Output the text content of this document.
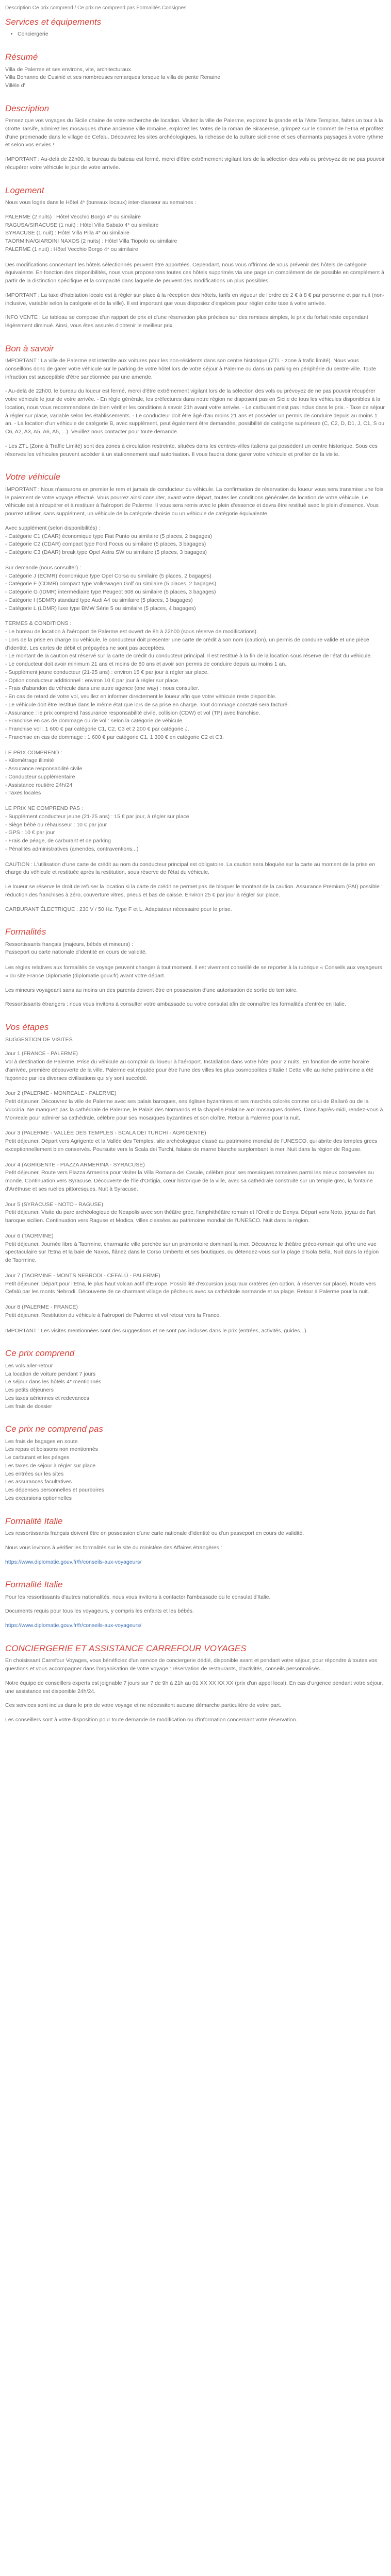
Description Ce prix comprend / Ce prix ne comprend pas Formalités Consignes
Services et équipements
• Conciergerie
Résumé
Villa de Palerme et ses environs, vite, architecturaux.
Villa Bonanno de Cusinié et ses nombreuses remarques lorsque la villa de pente Renaine
Villéle d'
Description

Pensez que vos voyages du Sicile chaine de votre recherche de location. Visitez la ville de Palerme, explorez la grande et la l'Arte Templas, faites un tour à la Grotte Tarsife, admirez les mosaïques d'une ancienne ville romaine, explorez les Votes de la roman de Siracerese, grimpez sur le sommet de l'Etna et profitez d'une promenade dans le village de Cefalu. Découvrez les sites archéologiques, la richesse de la culture sicilienne et ses charmants paysages à votre rythme et selon vos envies !

IMPORTANT : Au-delà de 22h00, le bureau du bateau est fermé, merci d'être extrêmement vigilant lors de la sélection des vols ou prévoyez de ne pas pouvoir récupérer votre véhicule le jour de votre arrivée.

Logement

Nous vous logés dans le Hôtel 4* (bureaux locaux) inter-classeur au semaines :

PALERME (2 nuits) : Hôtel Vecchio Borgo 4* ou similaire
RAGUSA/SIRACUSE (1 nuit) : Hôtel Villa Sabato 4* ou similaire
SYRACUSE (1 nuit) : Hôtel Villa Pilla 4* ou similaire
TAORMINA/GIARDINI NAXOS (2 nuits) : Hôtel Villa Tiopolo ou similaire
PALERME (1 nuit) : Hôtel Vecchio Borgo 4* ou similaire

Des modifications concernant les hôtels sélectionnés peuvent être apportées. Cependant, nous vous offrirons de vous prévenir des hôtels de catégorie équivalente. En fonction des disponibilités, nous vous proposerons toutes ces hôtels supprimés via une page un complément de de possible en complément à partir de la distinction spécifique et la compacité dans laquelle de peuvent des modifications un plus possibles.

IMPORTANT : La taxe d'habitation locale est à régler sur place à la réception des hôtels, tarifs en vigueur de l'ordre de 2 € à 8 € par personne et par nuit (non-inclusive, variable selon la catégorie et de la ville). Il est important que vous disposiez d'espèces pour régler cette taxe à votre arrivée.

INFO VENTE : Le tableau se compose d'un rapport de prix et d'une réservation plus précises sur des remises simples, le prix du forfait reste cependant légèrement diminué. Ainsi, vous êtes assurés d'obtenir le meilleur prix.

Bon à savoir

IMPORTANT : La ville de Palerme est interdite aux voitures pour les non-résidents dans son centre historique (ZTL - zone à trafic limité). Nous vous conseillons donc de garer votre véhicule sur le parking de votre hôtel lors de votre séjour à Palerme ou dans un parking en périphérie du centre-ville. Toute infraction est susceptible d'être sanctionnée par une amende.

- Au-delà de 22h00, le bureau du loueur est fermé, merci d'être extrêmement vigilant lors de la sélection des vols ou prévoyez de ne pas pouvoir récupérer votre véhicule le jour de votre arrivée. - En règle générale, les préfectures dans notre région ne disposent pas en Sicile de tous les véhicules disponibles à la location, nous vous recommandons de bien vérifier les conditions à savoir 21h avant votre arrivée. - Le carburant n'est pas inclus dans le prix. - Taxe de séjour à régler sur place, variable selon les établissements. - Le conducteur doit être âgé d'au moins 21 ans et posséder un permis de conduire depuis au moins 1 an. - La location d'un véhicule de catégorie B, avec supplément, peut également être demandée, possibilité de catégorie supérieure (C, C2, D, D1, J, C1, S ou C6, A2, A3, A5, A6, A5, ...). Veuillez nous contacter pour toute demande.

- Les ZTL (Zone à Traffic Limité) sont des zones à circulation restreinte, situées dans les centres-villes italiens qui possèdent un centre historique. Sous ces réserves les véhicules peuvent accéder à un stationnement sauf autorisation. Il vous faudra donc garer votre véhicule et profiter de la visite.

Votre véhicule

IMPORTANT : Nous n'assurons en premier le rem et jamais de conducteur du véhicule. La confirmation de réservation du loueur vous sera transmise une fois le paiement de votre voyage effectué. Vous pourrez ainsi consulter, avant votre départ, toutes les conditions générales de location de votre véhicule. Le véhicule est à récupérer et à restituer à l'aéroport de Palerme. Il vous sera remis avec le plein d'essence et devra être restitué avec le plein d'essence. Vous pourrez utiliser, sans supplément, un véhicule de la catégorie choisie ou un véhicule de catégorie équivalente.

Avec supplément (selon disponibilités) :
- Catégorie C1 (CAAR) économique type Fiat Punto ou similaire (5 places, 2 bagages)
- Catégorie C2 (CDAR) compact type Ford Focus ou similaire (5 places, 3 bagages)
- Catégorie C3 (DAAR) break type Opel Astra SW ou similaire (5 places, 3 bagages)
Sur demande (nous consulter) :
- Catégorie J (ECMR) économique type Opel Corsa ou similaire (5 places, 2 bagages)
- Catégorie F (CDMR) compact type Volkswagen Golf ou similaire (5 places, 2 bagages)
- Catégorie G (IDMR) intermédiaire type Peugeot 508 ou similaire (5 places, 3 bagages)
- Catégorie I (SDMR) standard type Audi A4 ou similaire (5 places, 3 bagages)
- Catégorie L (LDMR) luxe type BMW Série 5 ou similaire (5 places, 4 bagages)
TERMES & CONDITIONS :
- Le bureau de location à l'aéroport de Palerme est ouvert de 8h à 22h00 (sous réserve de modifications).
- Lors de la prise en charge du véhicule, le conducteur doit présenter une carte de crédit à son nom (caution), un permis de conduire valide et une pièce d'identité. Les cartes de débit et prépayées ne sont pas acceptées.
- Le montant de la caution est réservé sur la carte de crédit du conducteur principal. Il est restitué à la fin de la location sous réserve de l'état du véhicule.
- Le conducteur doit avoir minimum 21 ans et moins de 80 ans et avoir son permis de conduire depuis au moins 1 an.
- Supplément jeune conducteur (21-25 ans) : environ 15 € par jour à régler sur place.
- Option conducteur additionnel : environ 10 € par jour à régler sur place.
- Frais d'abandon du véhicule dans une autre agence (one way) : nous consulter.
- En cas de retard de votre vol, veuillez en informer directement le loueur afin que votre véhicule reste disponible.
- Le véhicule doit être restitué dans le même état que lors de sa prise en charge. Tout dommage constaté sera facturé.
- Assurance : le prix comprend l'assurance responsabilité civile, collision (CDW) et vol (TP) avec franchise.
- Franchise en cas de dommage ou de vol : selon la catégorie de véhicule.
- Franchise vol : 1 600 € par catégorie C1, C2, C3 et 2 200 € par catégorie J.
- Franchise en cas de dommage : 1 600 € par catégorie C1, 1 300 € en catégorie C2 et C3.
LE PRIX COMPREND :
- Kilométrage illimité
- Assurance responsabilité civile
- Conducteur supplémentaire
- Assistance routière 24h/24
- Taxes locales
LE PRIX NE COMPREND PAS :
- Supplément conducteur jeune (21-25 ans) : 15 € par jour, à régler sur place
- Siège bébé ou réhausseur : 10 € par jour
- GPS : 10 € par jour
- Frais de péage, de carburant et de parking
- Pénalités administratives (amendes, contraventions...)

CAUTION : L'utilisation d'une carte de crédit au nom du conducteur principal est obligatoire. La caution sera bloquée sur la carte au moment de la prise en charge du véhicule et restituée après la restitution, sous réserve de l'état du véhicule.

Le loueur se réserve le droit de refuser la location si la carte de crédit ne permet pas de bloquer le montant de la caution. Assurance Premium (PAI) possible : réduction des franchises à zéro, couverture vitres, pneus et bas de caisse. Environ 25 € par jour à régler sur place.

CARBURANT ÉLECTRIQUE : 230 V / 50 Hz. Type F et L. Adaptateur nécessaire pour le prise.

Formalités
Ressortissants français (majeurs, bébés et mineurs) :
Passeport ou carte nationale d'identité en cours de validité.

Les règles relatives aux formalités de voyage peuvent changer à tout moment. Il est vivement conseillé de se reporter à la rubrique « Conseils aux voyageurs » du site France Diplomatie (diplomatie.gouv.fr) avant votre départ.

Les mineurs voyageant sans au moins un des parents doivent être en possession d'une autorisation de sortie de territoire.

Ressortissants étrangers : nous vous invitons à consulter votre ambassade ou votre consulat afin de connaître les formalités d'entrée en Italie.

Vos étapes

SUGGESTION DE VISITES

Jour 1 (FRANCE - PALERME)
Vol à destination de Palerme. Prise du véhicule au comptoir du loueur à l'aéroport. Installation dans votre hôtel pour 2 nuits. En fonction de votre horaire d'arrivée, première découverte de la ville. Palerme est réputée pour être l'une des villes les plus cosmopolites d'Italie ! Cette ville au riche patrimoine a été façonnée par les diverses civilisations qui s'y sont succédé.
Jour 2 (PALERME - MONREALE - PALERME)
Petit déjeuner. Découvrez la ville de Palerme avec ses palais baroques, ses églises byzantines et ses marchés colorés comme celui de Ballarò ou de la Vucciria. Ne manquez pas la cathédrale de Palerme, le Palais des Normands et la chapelle Palatine aux mosaïques dorées. Dans l'après-midi, rendez-vous à Monreale pour admirer sa cathédrale, célèbre pour ses mosaïques byzantines et son cloître. Retour à Palerme pour la nuit.
Jour 3 (PALERME - VALLÉE DES TEMPLES - SCALA DEI TURCHI - AGRIGENTE)
Petit déjeuner. Départ vers Agrigente et la Vallée des Temples, site archéologique classé au patrimoine mondial de l'UNESCO, qui abrite des temples grecs exceptionnellement bien conservés. Poursuite vers la Scala dei Turchi, falaise de marne blanche surplombant la mer. Nuit dans la région de Raguse.
Jour 4 (AGRIGENTE - PIAZZA ARMERINA - SYRACUSE)
Petit déjeuner. Route vers Piazza Armerina pour visiter la Villa Romana del Casale, célèbre pour ses mosaïques romaines parmi les mieux conservées au monde. Continuation vers Syracuse. Découverte de l'île d'Ortigia, cœur historique de la ville, avec sa cathédrale construite sur un temple grec, la fontaine d'Aréthuse et ses ruelles pittoresques. Nuit à Syracuse.
Jour 5 (SYRACUSE - NOTO - RAGUSE)
Petit déjeuner. Visite du parc archéologique de Neapolis avec son théâtre grec, l'amphithéâtre romain et l'Oreille de Denys. Départ vers Noto, joyau de l'art baroque sicilien. Continuation vers Raguse et Modica, villes classées au patrimoine mondial de l'UNESCO. Nuit dans la région.
Jour 6 (TAORMINE)
Petit déjeuner. Journée libre à Taormine, charmante ville perchée sur un promontoire dominant la mer. Découvrez le théâtre gréco-romain qui offre une vue spectaculaire sur l'Etna et la baie de Naxos, flânez dans le Corso Umberto et ses boutiques, ou détendez-vous sur la plage d'Isola Bella. Nuit dans la région de Taormine.
Jour 7 (TAORMINE - MONTS NEBRODI - CEFALÙ - PALERME)
Petit déjeuner. Départ pour l'Etna, le plus haut volcan actif d'Europe. Possibilité d'excursion jusqu'aux cratères (en option, à réserver sur place). Route vers Cefalù par les monts Nebrodi. Découverte de ce charmant village de pêcheurs avec sa cathédrale normande et sa plage. Retour à Palerme pour la nuit.
Jour 8 (PALERME - FRANCE)
Petit déjeuner. Restitution du véhicule à l'aéroport de Palerme et vol retour vers la France.

IMPORTANT : Les visites mentionnées sont des suggestions et ne sont pas incluses dans le prix (entrées, activités, guides...).

Ce prix comprend
Les vols aller-retour
La location de voiture pendant 7 jours
Le séjour dans les hôtels 4* mentionnés
Les petits déjeuners
Les taxes aériennes et redevances
Les frais de dossier
Ce prix ne comprend pas
Les frais de bagages en soute
Les repas et boissons non mentionnés
Le carburant et les péages
Les taxes de séjour à régler sur place
Les entrées sur les sites
Les assurances facultatives
Les dépenses personnelles et pourboires
Les excursions optionnelles
Formalité Italie

Les ressortissants français doivent être en possession d'une carte nationale d'identité ou d'un passeport en cours de validité.

Nous vous invitons à vérifier les formalités sur le site du ministère des Affaires étrangères :

https://www.diplomatie.gouv.fr/fr/conseils-aux-voyageurs/

Formalité Italie

Pour les ressortissants d'autres nationalités, nous vous invitons à contacter l'ambassade ou le consulat d'Italie.

Documents requis pour tous les voyageurs, y compris les enfants et les bébés.

https://www.diplomatie.gouv.fr/fr/conseils-aux-voyageurs/

CONCIERGERIE ET ASSISTANCE CARREFOUR VOYAGES

En choisissant Carrefour Voyages, vous bénéficiez d'un service de conciergerie dédié, disponible avant et pendant votre séjour, pour répondre à toutes vos questions et vous accompagner dans l'organisation de votre voyage : réservation de restaurants, d'activités, conseils personnalisés...

Notre équipe de conseillers experts est joignable 7 jours sur 7 de 9h à 21h au 01 XX XX XX XX (prix d'un appel local). En cas d'urgence pendant votre séjour, une assistance est disponible 24h/24.

Ces services sont inclus dans le prix de votre voyage et ne nécessitent aucune démarche particulière de votre part.

Les conseillers sont à votre disposition pour toute demande de modification ou d'information concernant votre réservation.
